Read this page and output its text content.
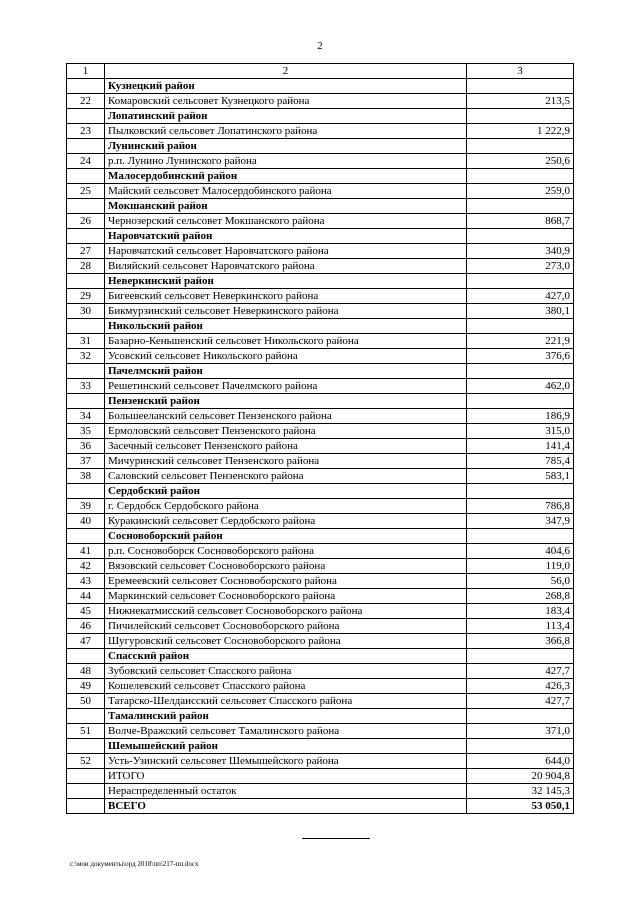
2
1	2	3
	Кузнецкий район	
22	Комаровский сельсовет Кузнецкого района	213,5
	Лопатинский район	
23	Пылковский сельсовет Лопатинского района	1 222,9
	Лунинский район	
24	р.п. Лунино Лунинского района	250,6
	Малосердобинский район	
25	Майский сельсовет Малосердобинского района	259,0
	Мокшанский район	
26	Чернозерский сельсовет Мокшанского района	868,7
	Наровчатский район	
27	Наровчатский сельсовет Наровчатского района	340,9
28	Виляйский сельсовет Наровчатского района	273,0
	Неверкинский район	
29	Бигеевский сельсовет Неверкинского района	427,0
30	Бикмурзинский сельсовет Неверкинского района	380,1
	Никольский район	
31	Базарно-Кеньшенский сельсовет Никольского района	221,9
32	Усовский сельсовет Никольского района	376,6
	Пачелмский район	
33	Решетинский сельсовет Пачелмского района	462,0
	Пензенский район	
34	Большееланский сельсовет Пензенского района	186,9
35	Ермоловский сельсовет Пензенского района	315,0
36	Засечный сельсовет Пензенского района	141,4
37	Мичуринский сельсовет Пензенского района	785,4
38	Саловский сельсовет Пензенского района	583,1
	Сердобский район	
39	г. Сердобск Сердобского района	786,8
40	Куракинский сельсовет Сердобского района	347,9
	Сосновоборский район	
41	р.п. Сосновоборск Сосновоборского района	404,6
42	Вязовский сельсовет Сосновоборского района	119,0
43	Еремеевский сельсовет Сосновоборского района	56,0
44	Маркинский сельсовет Сосновоборского района	268,8
45	Нижнекатмисский сельсовет Сосновоборского района	183,4
46	Пичилейский сельсовет Сосновоборского района	113,4
47	Шугуровский сельсовет Сосновоборского района	366,8
	Спасский район	
48	Зубовский сельсовет Спасского района	427,7
49	Кошелевский сельсовет Спасского района	426,3
50	Татарско-Шелдаисский сельсовет Спасского района	427,7
	Тамалинский район	
51	Волче-Вражский сельсовет Тамалинского района	371,0
	Шемышейский район	
52	Усть-Узинский сельсовет Шемышейского района	644,0
	ИТОГО	20 904,8
	Нераспределенный остаток	32 145,3
	ВСЕГО	53 050,1
c:\мои документы\орд 2018\пп\217-пп.docx
